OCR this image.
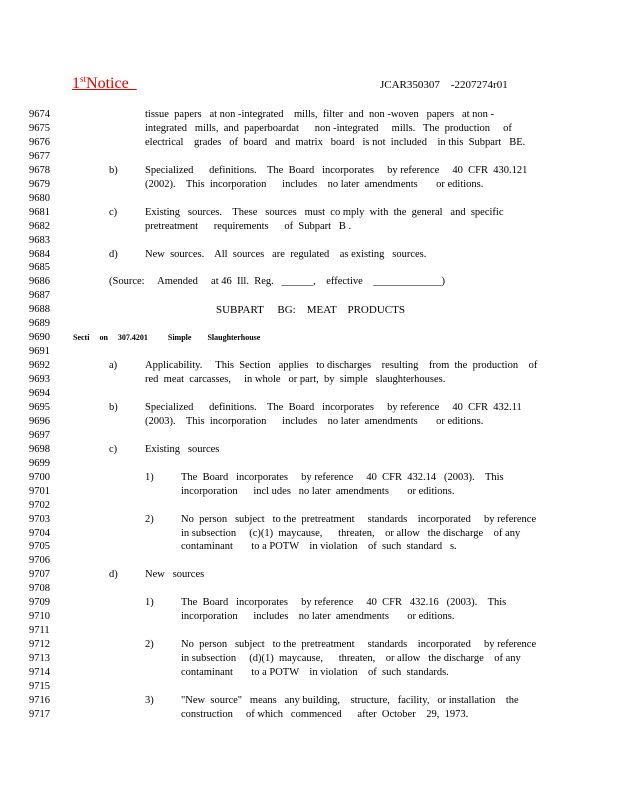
1stNotice	JCAR350307    -2207274r01
9674	tissue  papers   at non -integrated    mills,  filter  and  non -woven   papers   at non -
9675	integrated   mills,  and  paperboardat      non -integrated     mills.   The  production     of
9676	electrical    grades   of  board   and  matrix   board   is not  included    in this  Subpart   BE.
9677
9678	b)	Specialized      definitions.    The  Board   incorporates     by reference     40  CFR  430.121
9679	(2002).    This  incorporation      includes    no later  amendments       or editions.
9680
9681	c)	Existing   sources.    These   sources   must  co mply  with  the  general   and  specific
9682	pretreatment      requirements      of  Subpart   B .
9683
9684	d)	New  sources.    All  sources   are  regulated    as existing   sources.
9685
9686	(Source:     Amended     at 46  Ill.  Reg.   ______,    effective    _____________)
9687
9688	SUBPART     BG:    MEAT    PRODUCTS
9689
9690	Secti     on     307.4201          Simple        Slaughterhouse
9691
9692	a)	Applicability.     This  Section   applies   to discharges    resulting    from  the  production    of
9693	red  meat  carcasses,     in whole   or part,  by  simple   slaughterhouses.
9694
9695	b)	Specialized      definitions.    The  Board   incorporates     by reference     40  CFR  432.11
9696	(2003).    This  incorporation      includes    no later  amendments       or editions.
9697
9698	c)	Existing   sources
9699
9700	1)	The  Board   incorporates     by reference     40  CFR  432.14   (2003).    This
9701	incorporation      incl udes   no later  amendments       or editions.
9702
9703	2)	No  person   subject   to the  pretreatment     standards    incorporated     by reference
9704	in subsection     (c)(1)  maycause,      threaten,    or allow   the discharge    of any
9705	contaminant       to a POTW    in violation    of  such  standard   s.
9706
9707	d)	New   sources
9708
9709	1)	The  Board   incorporates     by reference     40  CFR   432.16   (2003).    This
9710	incorporation      includes    no later  amendments       or editions.
9711
9712	2)	No  person   subject   to the  pretreatment     standards    incorporated     by reference
9713	in subsection     (d)(1)  maycause,      threaten,    or allow   the discharge    of any
9714	contaminant       to a POTW    in violation    of  such  standards.
9715
9716	3)	"New  source"   means   any building,    structure,   facility,   or installation    the
9717	construction     of which   commenced      after  October    29,  1973.
